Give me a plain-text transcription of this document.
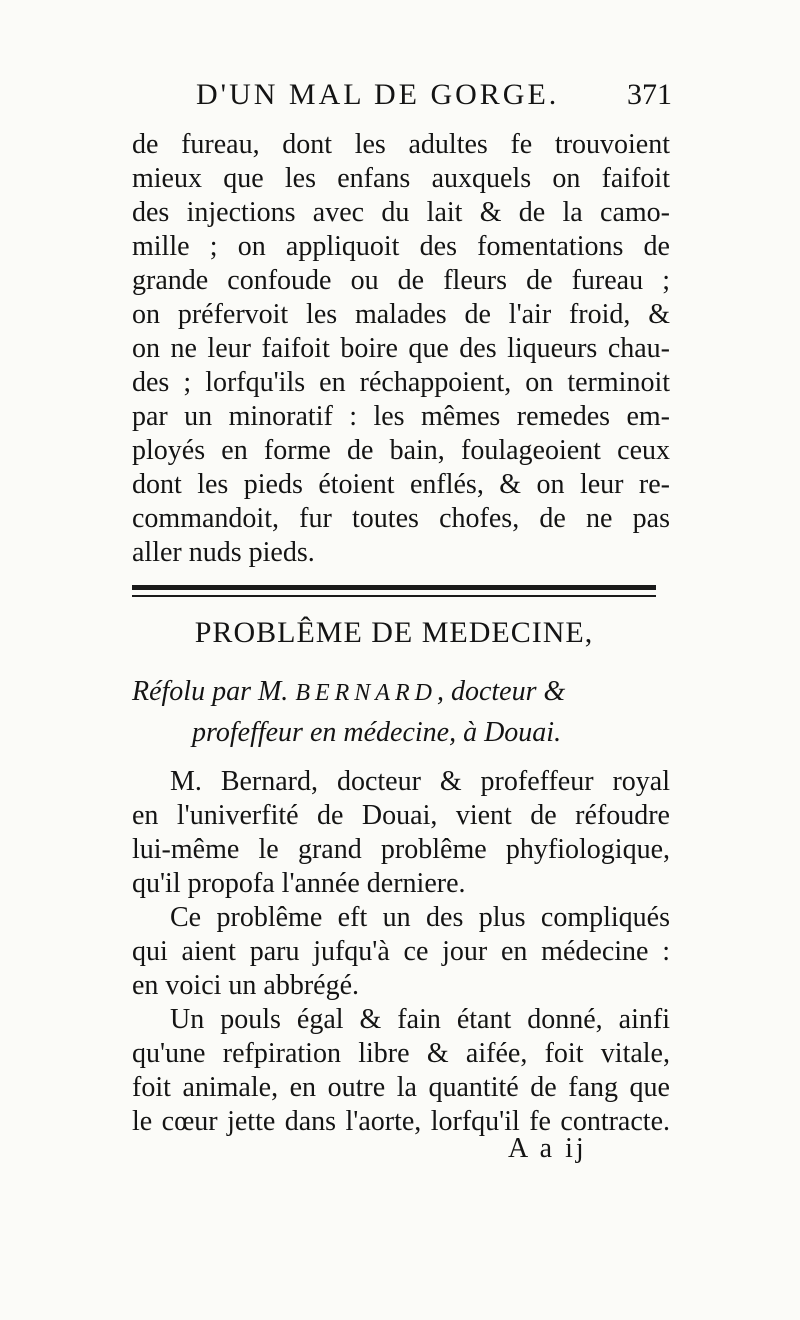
D'UN MAL DE GORGE. 371
de fureau, dont les adultes fe trouvoient
mieux que les enfans auxquels on faifoit
des injections avec du lait & de la camo-
mille ; on appliquoit des fomentations de
grande confoude ou de fleurs de fureau ;
on préfervoit les malades de l'air froid, &
on ne leur faifoit boire que des liqueurs chau-
des ; lorfqu'ils en réchappoient, on terminoit
par un minoratif : les mêmes remedes em-
ployés en forme de bain, foulageoient ceux
dont les pieds étoient enflés, & on leur re-
commandoit, fur toutes chofes, de ne pas
aller nuds pieds.
PROBLÊME DE MEDECINE,
Réfolu par M. BERNARD, docteur &
profeffeur en médecine, à Douai.
M. Bernard, docteur & profeffeur royal
en l'univerfité de Douai, vient de réfoudre
lui-même le grand problême phyfiologique,
qu'il propofa l'année derniere.
Ce problême eft un des plus compliqués
qui aient paru jufqu'à ce jour en médecine :
en voici un abbrégé.
Un pouls égal & fain étant donné, ainfi
qu'une refpiration libre & aifée, foit vitale,
foit animale, en outre la quantité de fang que
le cœur jette dans l'aorte, lorfqu'il fe contracte.
A a ij
